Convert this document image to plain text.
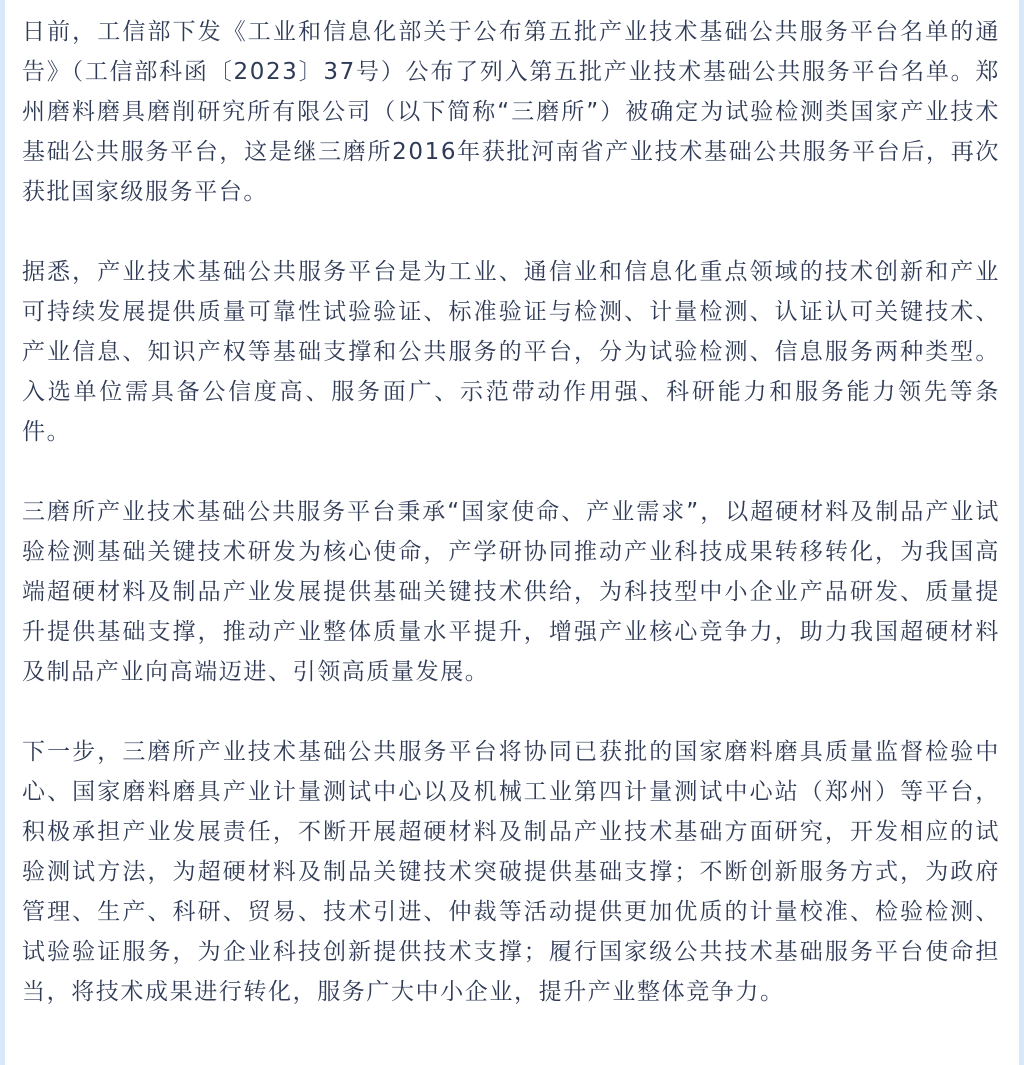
日前，工信部下发《工业和信息化部关于公布第五批产业技术基础公共服务平台名单的通告》（工信部科函〔2023〕37号）公布了列入第五批产业技术基础公共服务平台名单。郑州磨料磨具磨削研究所有限公司（以下简称“三磨所”）被确定为试验检测类国家产业技术基础公共服务平台，这是继三磨所2016年获批河南省产业技术基础公共服务平台后，再次获批国家级服务平台。

据悉，产业技术基础公共服务平台是为工业、通信业和信息化重点领域的技术创新和产业可持续发展提供质量可靠性试验验证、标准验证与检测、计量检测、认证认可关键技术、产业信息、知识产权等基础支撑和公共服务的平台，分为试验检测、信息服务两种类型。入选单位需具备公信度高、服务面广、示范带动作用强、科研能力和服务能力领先等条件。

三磨所产业技术基础公共服务平台秉承“国家使命、产业需求”，以超硬材料及制品产业试验检测基础关键技术研发为核心使命，产学研协同推动产业科技成果转移转化，为我国高端超硬材料及制品产业发展提供基础关键技术供给，为科技型中小企业产品研发、质量提升提供基础支撑，推动产业整体质量水平提升，增强产业核心竞争力，助力我国超硬材料及制品产业向高端迈进、引领高质量发展。

下一步，三磨所产业技术基础公共服务平台将协同已获批的国家磨料磨具质量监督检验中心、国家磨料磨具产业计量测试中心以及机械工业第四计量测试中心站（郑州）等平台，积极承担产业发展责任，不断开展超硬材料及制品产业技术基础方面研究，开发相应的试验测试方法，为超硬材料及制品关键技术突破提供基础支撑；不断创新服务方式，为政府管理、生产、科研、贸易、技术引进、仲裁等活动提供更加优质的计量校准、检验检测、试验验证服务，为企业科技创新提供技术支撑；履行国家级公共技术基础服务平台使命担当，将技术成果进行转化，服务广大中小企业，提升产业整体竞争力。
